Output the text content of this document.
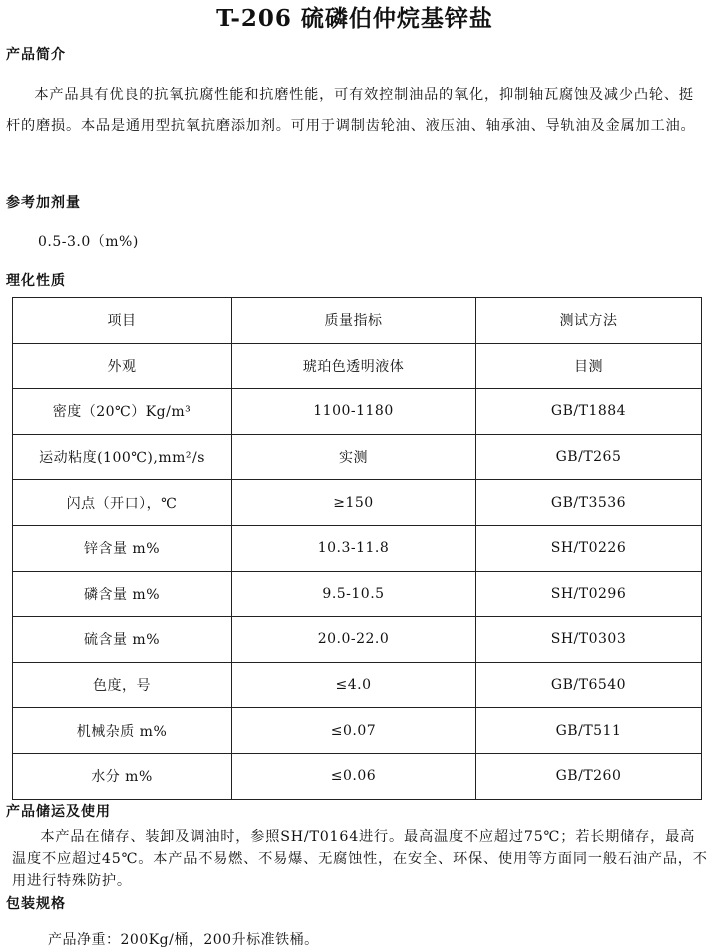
T-206 硫磷伯仲烷基锌盐
产品简介

本产品具有优良的抗氧抗腐性能和抗磨性能，可有效控制油品的氧化，抑制轴瓦腐蚀及减少凸轮、挺杆的磨损。本品是通用型抗氧抗磨添加剂。可用于调制齿轮油、液压油、轴承油、导轨油及金属加工油。

参考加剂量
0.5-3.0（m%)
理化性质
项目	质量指标	测试方法
外观	琥珀色透明液体	目测
密度（20℃）Kg/m³	1100-1180	GB/T1884
运动粘度(100℃),mm²/s	实测	GB/T265
闪点（开口），℃	≥150	GB/T3536
锌含量 m%	10.3-11.8	SH/T0226
磷含量 m%	9.5-10.5	SH/T0296
硫含量 m%	20.0-22.0	SH/T0303
色度，号	≤4.0	GB/T6540
机械杂质 m%	≤0.07	GB/T511
水分 m%	≤0.06	GB/T260
产品储运及使用

本产品在储存、装卸及调油时，参照SH/T0164进行。最高温度不应超过75℃；若长期储存，最高温度不应超过45℃。本产品不易燃、不易爆、无腐蚀性，在安全、环保、使用等方面同一般石油产品，不用进行特殊防护。

包装规格
产品净重：200Kg/桶，200升标准铁桶。
